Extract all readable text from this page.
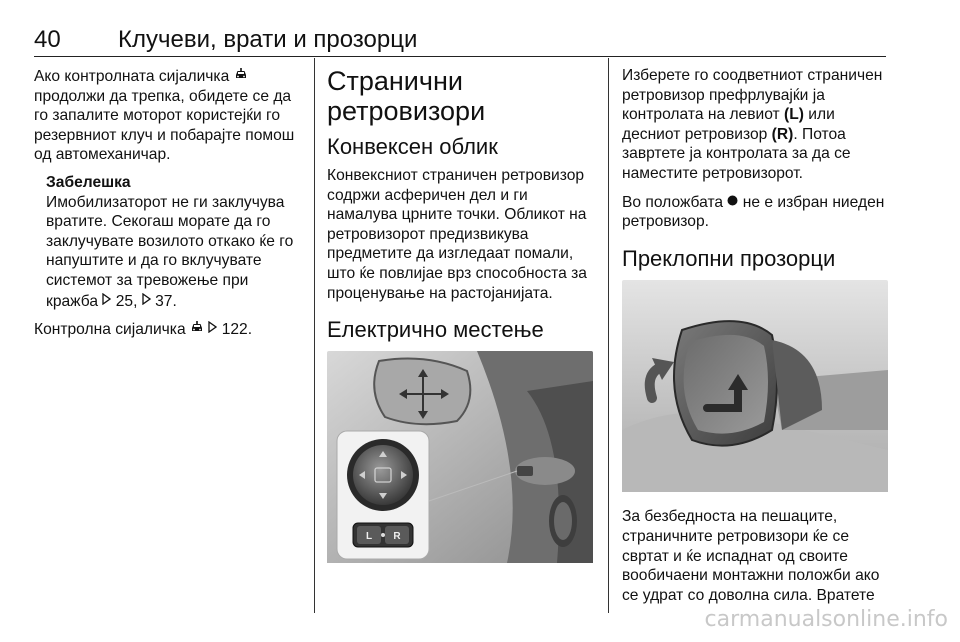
40 Клучеви, врати и прозорци

Ако контролната сијаличка  продолжи да трепка, обидете се да го запалите моторот користејќи го резервниот клуч и побарајте помош од автомеханичар.

Забелешка

Имобилизаторот не ги заклучува вратите. Секогаш морате да го заклучувате возилото откако ќе го напуштите и да го вклучувате системот за тревожење при кражба 25,  37.

Контролна сијаличка 122.

Странични
ретровизори
Конвексен облик

Конвексниот страничен ретровизор содржи асферичен дел и ги намалува црните точки. Обликот на ретровизорот предизвикува предметите да изгледаат помали, што ќе повлијае врз способноста за проценување на растојанијата.

Електрично местење
L R

Изберете го соодветниот страничен ретровизор префрлувајќи ја контролата на левиот (L) или десниот ретровизор (R). Потоа завртете ја контролата за да се наместите ретровизорот.

Во положбата не е избран ниеден ретровизор.

Преклопни прозорци

За безбедноста на пешаците, страничните ретровизори ќе се свртат и ќе испаднат од своите вообичаени монтажни положби ако се удрат со доволна сила. Вратете

carmanualsonline.info
